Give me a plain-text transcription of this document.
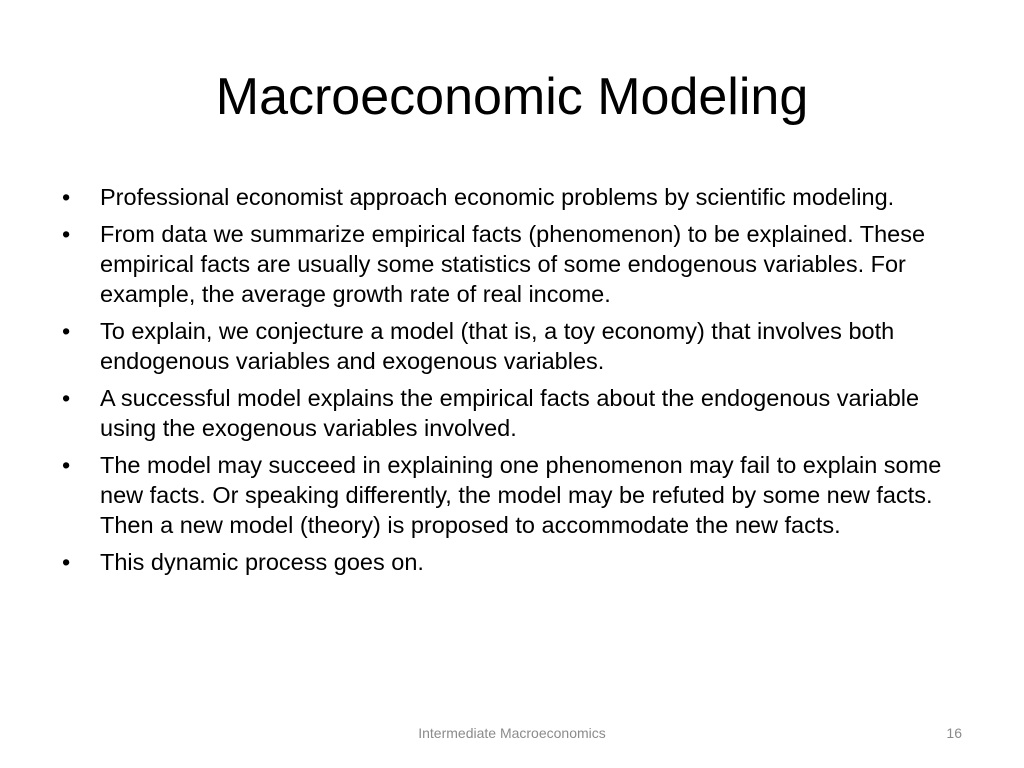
Macroeconomic Modeling
•	Professional economist approach economic problems by scientific modeling.
•	From data we summarize empirical facts (phenomenon) to be explained. These empirical facts are usually some statistics of some endogenous variables. For example, the average growth rate of real income.
•	To explain, we conjecture a model (that is, a toy economy) that involves both endogenous variables and exogenous variables.
•	A successful model explains the empirical facts about the endogenous variable using the exogenous variables involved.
•	The model may succeed in explaining one phenomenon may fail to explain some new facts. Or speaking differently, the model may be refuted by some new facts. Then a new model (theory) is proposed to accommodate the new facts.
•	This dynamic process goes on.
Intermediate Macroeconomics	16
